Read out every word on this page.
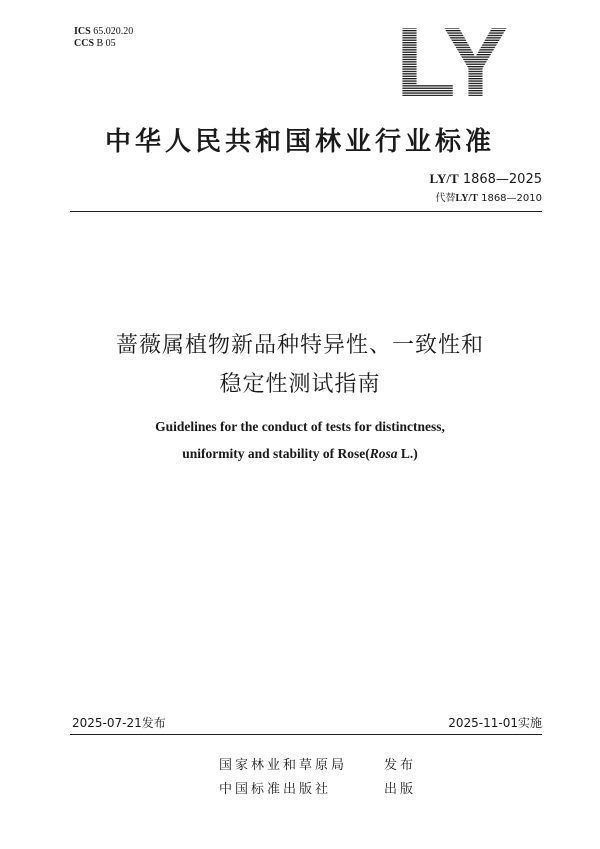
ICS 65.020.20
CCS B 05	LY
中华人民共和国林业行业标准
LY/T 1868—2025
代替LY/T 1868—2010
蔷薇属植物新品种特异性、一致性和
稳定性测试指南
Guidelines for the conduct of tests for distinctness,
uniformity and stability of Rose(Rosa L.)
2025-07-21发布	2025-11-01实施
国家林业和草原局	发布
中国标准出版社	出版
